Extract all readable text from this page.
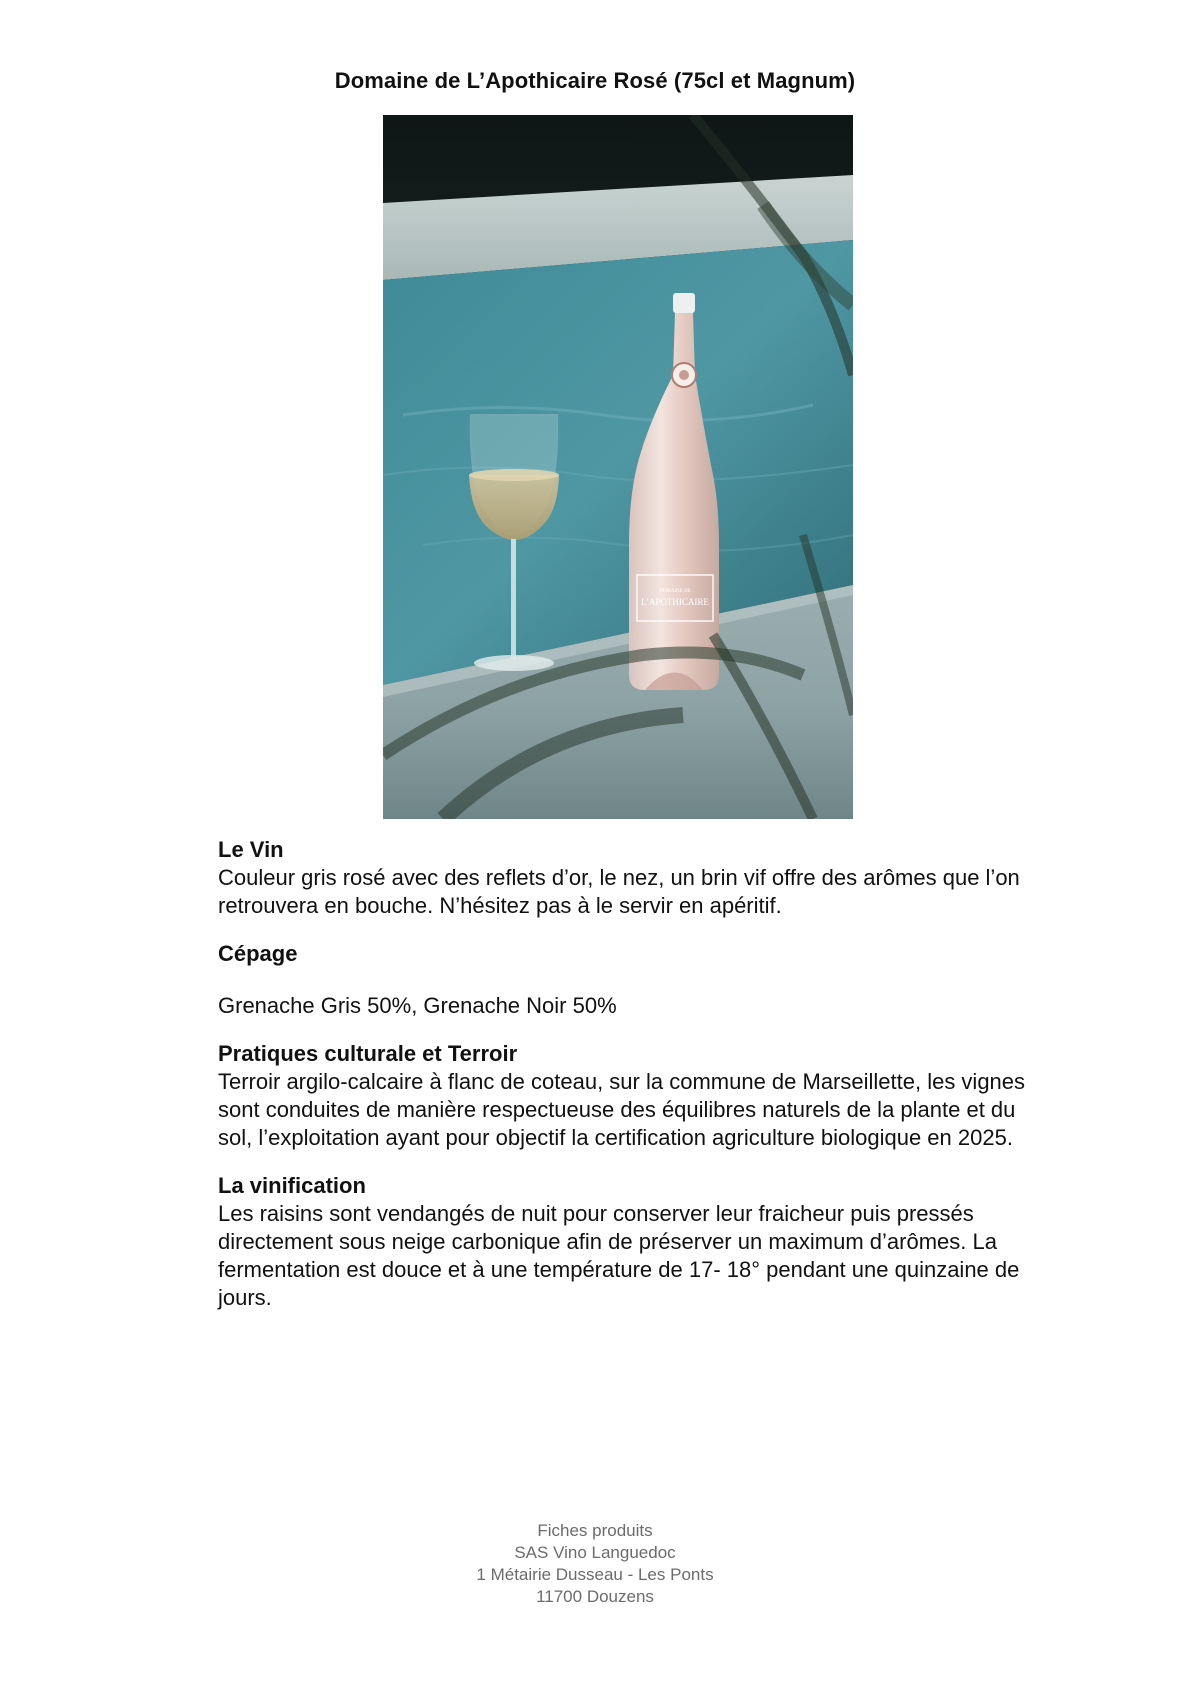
Domaine de L’Apothicaire Rosé (75cl et Magnum)
DOMAINE DE
L’APOTHICAIRE
Le Vin

Couleur gris rosé avec des reflets d’or, le nez, un brin vif offre des arômes que l’on retrouvera en bouche. N’hésitez pas à le servir en apéritif.

Cépage

Grenache Gris 50%, Grenache Noir 50%

Pratiques culturale et Terroir

Terroir argilo-calcaire à flanc de coteau, sur la commune de Marseillette, les vignes sont conduites de manière respectueuse des équilibres naturels de la plante et du sol, l’exploitation ayant pour objectif la certification agriculture biologique en 2025.

La vinification

Les raisins sont vendangés de nuit pour conserver leur fraicheur puis pressés directement sous neige carbonique afin de préserver un maximum d’arômes. La fermentation est douce et à une température de 17- 18° pendant une quinzaine de jours.

Fiches produits
SAS Vino Languedoc
1 Métairie Dusseau - Les Ponts
11700 Douzens
